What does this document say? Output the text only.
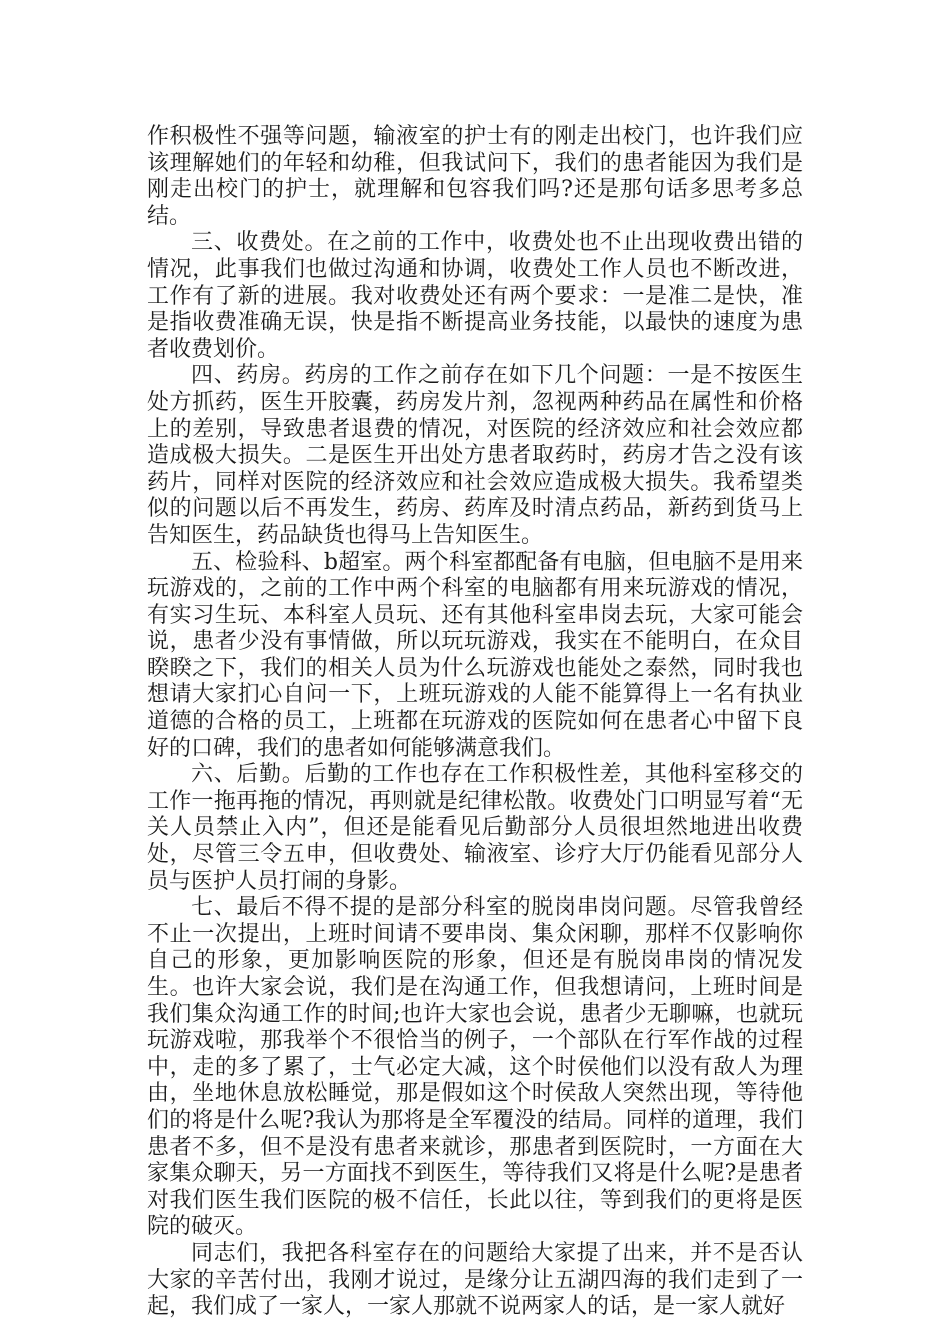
作积极性不强等问题，输液室的护士有的刚走出校门，也许我们应该理解她们的年轻和幼稚，但我试问下，我们的患者能因为我们是刚走出校门的护士，就理解和包容我们吗?还是那句话多思考多总结。

三、收费处。在之前的工作中，收费处也不止出现收费出错的情况，此事我们也做过沟通和协调，收费处工作人员也不断改进，工作有了新的进展。我对收费处还有两个要求：一是准二是快，准是指收费准确无误，快是指不断提高业务技能，以最快的速度为患者收费划价。

四、药房。药房的工作之前存在如下几个问题：一是不按医生处方抓药，医生开胶囊，药房发片剂，忽视两种药品在属性和价格上的差别，导致患者退费的情况，对医院的经济效应和社会效应都造成极大损失。二是医生开出处方患者取药时，药房才告之没有该药片，同样对医院的经济效应和社会效应造成极大损失。我希望类似的问题以后不再发生，药房、药库及时清点药品，新药到货马上告知医生，药品缺货也得马上告知医生。

五、检验科、b超室。两个科室都配备有电脑，但电脑不是用来玩游戏的，之前的工作中两个科室的电脑都有用来玩游戏的情况，有实习生玩、本科室人员玩、还有其他科室串岗去玩，大家可能会说，患者少没有事情做，所以玩玩游戏，我实在不能明白，在众目睽睽之下，我们的相关人员为什么玩游戏也能处之泰然，同时我也想请大家扪心自问一下，上班玩游戏的人能不能算得上一名有执业道德的合格的员工，上班都在玩游戏的医院如何在患者心中留下良好的口碑，我们的患者如何能够满意我们。

六、后勤。后勤的工作也存在工作积极性差，其他科室移交的工作一拖再拖的情况，再则就是纪律松散。收费处门口明显写着“无关人员禁止入内”，但还是能看见后勤部分人员很坦然地进出收费处，尽管三令五申，但收费处、输液室、诊疗大厅仍能看见部分人员与医护人员打闹的身影。

七、最后不得不提的是部分科室的脱岗串岗问题。尽管我曾经不止一次提出，上班时间请不要串岗、集众闲聊，那样不仅影响你自己的形象，更加影响医院的形象，但还是有脱岗串岗的情况发生。也许大家会说，我们是在沟通工作，但我想请问，上班时间是我们集众沟通工作的时间;也许大家也会说，患者少无聊嘛，也就玩玩游戏啦，那我举个不很恰当的例子，一个部队在行军作战的过程中，走的多了累了，士气必定大减，这个时侯他们以没有敌人为理由，坐地休息放松睡觉，那是假如这个时侯敌人突然出现，等待他们的将是什么呢?我认为那将是全军覆没的结局。同样的道理，我们患者不多，但不是没有患者来就诊，那患者到医院时，一方面在大家集众聊天，另一方面找不到医生，等待我们又将是什么呢?是患者对我们医生我们医院的极不信任，长此以往，等到我们的更将是医院的破灭。

同志们，我把各科室存在的问题给大家提了出来，并不是否认大家的辛苦付出，我刚才说过，是缘分让五湖四海的我们走到了一起，我们成了一家人，一家人那就不说两家人的话，是一家人就好
